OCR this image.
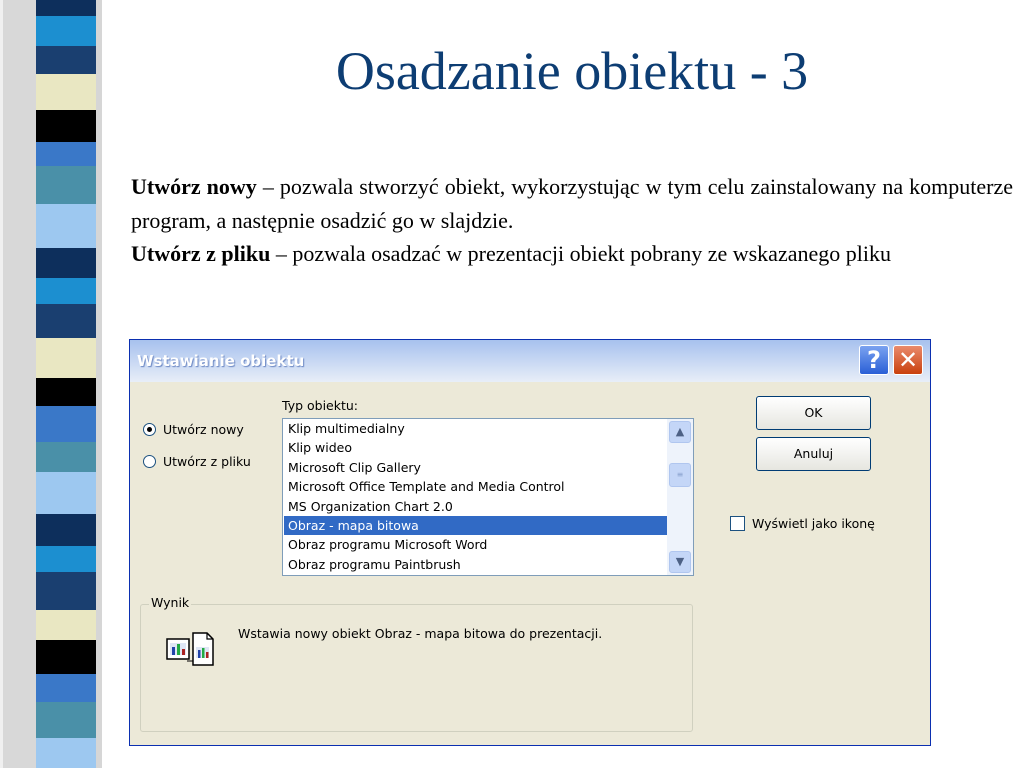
Osadzanie obiektu - 3

Utwórz nowy – pozwala stworzyć obiekt, wykorzystując w tym celu zainstalowany na komputerze program, a następnie osadzić go w slajdzie.

Utwórz z pliku – pozwala osadzać w prezentacji obiekt pobrany ze wskazanego pliku

Wstawianie obiektu	? ✕
Utwórz nowy
Utwórz z pliku
Typ obiektu:
Klip multimedialny
Klip wideo
Microsoft Clip Gallery
Microsoft Office Template and Media Control
MS Organization Chart 2.0
Obraz - mapa bitowa
Obraz programu Microsoft Word
Obraz programu Paintbrush
▲
≡
▼
OK
Anuluj
Wyświetl jako ikonę
Wynik
Wstawia nowy obiekt Obraz - mapa bitowa do prezentacji.
